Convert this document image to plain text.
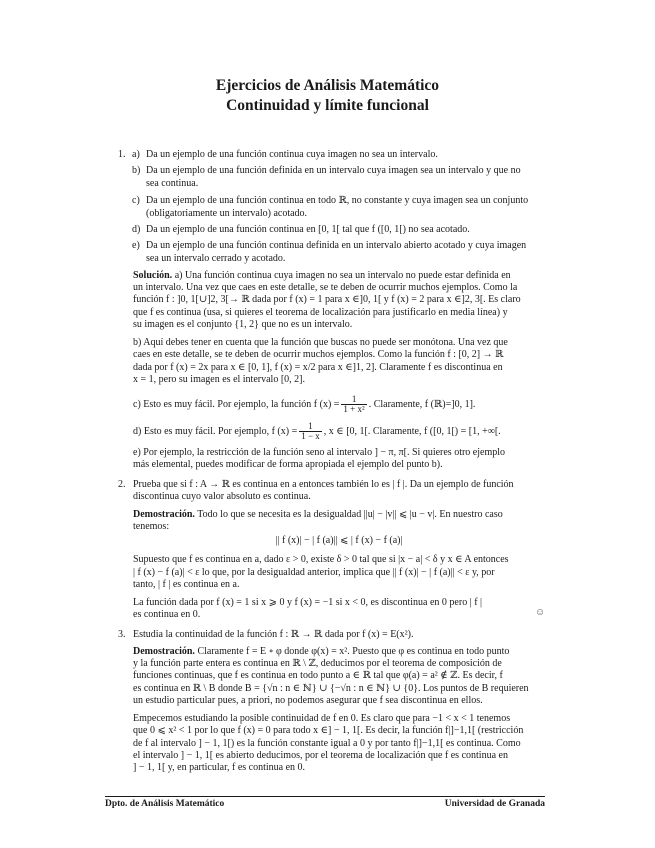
Ejercicios de Análisis Matemático
Continuidad y límite funcional
1. a) Da un ejemplo de una función continua cuya imagen no sea un intervalo.
b) Da un ejemplo de una función definida en un intervalo cuya imagen sea un intervalo y que no
sea continua.
c) Da un ejemplo de una función continua en todo ℝ, no constante y cuya imagen sea un conjunto
(obligatoriamente un intervalo) acotado.
d) Da un ejemplo de una función continua en [0, 1[ tal que f ([0, 1[) no sea acotado.
e) Da un ejemplo de una función continua definida en un intervalo abierto acotado y cuya imagen
sea un intervalo cerrado y acotado.
Solución. a) Una función continua cuya imagen no sea un intervalo no puede estar definida en
un intervalo. Una vez que caes en este detalle, se te deben de ocurrir muchos ejemplos. Como la
función f : ]0, 1[∪]2, 3[→ ℝ dada por f (x) = 1 para x ∈]0, 1[ y f (x) = 2 para x ∈]2, 3[. Es claro
que f es continua (usa, si quieres el teorema de localización para justificarlo en media línea) y
su imagen es el conjunto {1, 2} que no es un intervalo.
b) Aquí debes tener en cuenta que la función que buscas no puede ser monótona. Una vez que
caes en este detalle, se te deben de ocurrir muchos ejemplos. Como la función f : [0, 2] → ℝ
dada por f (x) = 2x para x ∈ [0, 1], f (x) = x/2 para x ∈]1, 2]. Claramente f es discontinua en
x = 1, pero su imagen es el intervalo [0, 2].
c) Esto es muy fácil. Por ejemplo, la función f $(x) = \frac{1}{\text{1 + x²}}$ . Claramente, f (ℝ)=]0, 1].
d) Esto es muy fácil. Por ejemplo, f $(x) = \frac{1}{1 - x}$ , x ∈ [0, 1[. Claramente, f ([0, 1[) = [1, +∞[.
e) Por ejemplo, la restricción de la función seno al intervalo ] − π, π[. Si quieres otro ejemplo
más elemental, puedes modificar de forma apropiada el ejemplo del punto b).
2. Prueba que si f : A → ℝ es continua en a entonces también lo es | f |. Da un ejemplo de función
discontinua cuyo valor absoluto es continua.
Demostración. Todo lo que se necesita es la desigualdad ||u| − |v|| ⩽ |u − v|. En nuestro caso
tenemos:
|| f (x)| − | f (a)|| ⩽ | f (x) − f (a)|
Supuesto que f es continua en a, dado ε > 0, existe δ > 0 tal que si |x − a| < δ y x ∈ A entonces
| f (x) − f (a)| < ε lo que, por la desigualdad anterior, implica que || f (x)| − | f (a)|| < ε y, por
tanto, | f | es continua en a.
La función dada por f (x) = 1 si x ⩾ 0 y f (x) = −1 si x < 0, es discontinua en 0 pero | f |
es continua en 0.	☺
3. Estudia la continuidad de la función f : ℝ → ℝ dada por f (x) = E(x²).
Demostración. Claramente f = E ∘ φ donde φ(x) = x². Puesto que φ es continua en todo punto
y la función parte entera es continua en ℝ \ ℤ, deducimos por el teorema de composición de
funciones continuas, que f es continua en todo punto a ∈ ℝ tal que φ(a) = a² ∉ ℤ. Es decir, f
es continua en ℝ \ B donde B = {√n : n ∈ ℕ} ∪ {−√n : n ∈ ℕ} ∪ {0}. Los puntos de B requieren
un estudio particular pues, a priori, no podemos asegurar que f sea discontinua en ellos.
Empecemos estudiando la posible continuidad de f en 0. Es claro que para −1 < x < 1 tenemos
que 0 ⩽ x² < 1 por lo que f (x) = 0 para todo x ∈] − 1, 1[. Es decir, la función f|]−1,1[ (restricción
de f al intervalo ] − 1, 1[) es la función constante igual a 0 y por tanto f|]−1,1[ es continua. Como
el intervalo ] − 1, 1[ es abierto deducimos, por el teorema de localización que f es continua en
] − 1, 1[ y, en particular, f es continua en 0.
Dpto. de Análisis Matemático	Universidad de Granada
